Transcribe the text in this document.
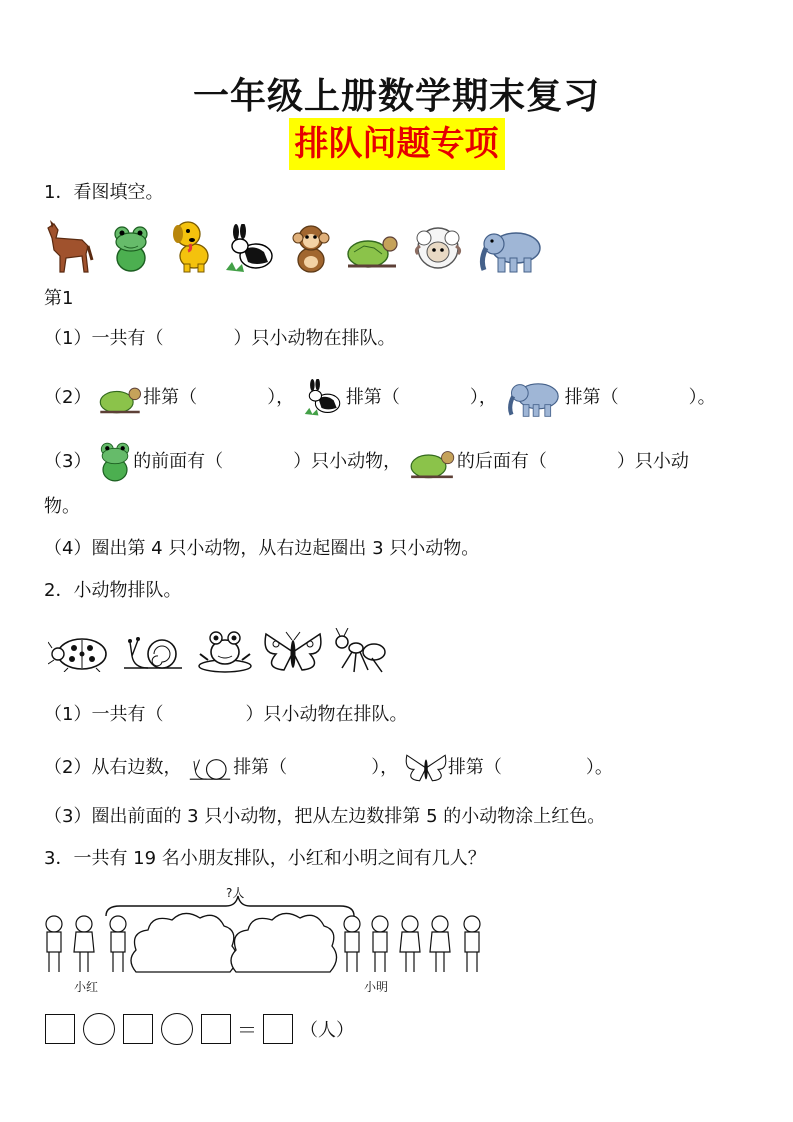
一年级上册数学期末复习
排队问题专项
1．看图填空。
第1
（1）一共有（	）只小动物在排队。
（2）	排第（	），	排第（	），	排第（	）。
（3） 的前面有（	）只小动物，	的后面有（	）只小动
物。
（4）圈出第 4 只小动物，从右边起圈出 3 只小动物。
2．小动物排队。
（1）一共有（	）只小动物在排队。
（2）从右边数，	排第（	），	排第（	）。
（3）圈出前面的 3 只小动物，把从左边数排第 5 的小动物涂上红色。
3．一共有 19 名小朋友排队，小红和小明之间有几人？
?人
小红	小明
＝ （人）
